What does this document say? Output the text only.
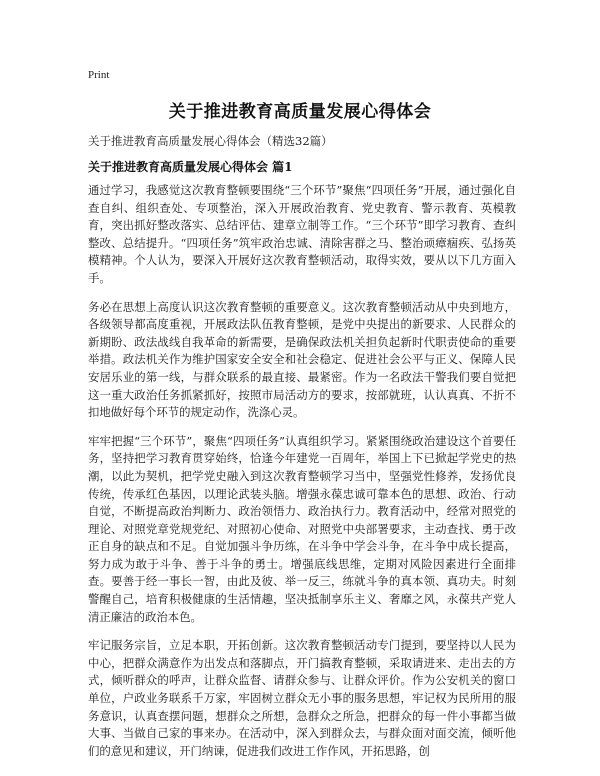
Print
关于推进教育高质量发展心得体会
关于推进教育高质量发展心得体会（精选32篇）
关于推进教育高质量发展心得体会 篇1

通过学习，我感觉这次教育整顿要围绕“三个环节”聚焦“四项任务”开展，通过强化自查自纠、组织查处、专项整治，深入开展政治教育、党史教育、警示教育、英模教育，突出抓好整改落实、总结评估、建章立制等工作。“三个环节”即学习教育、查纠整改、总结提升。“四项任务”筑牢政治忠诚、清除害群之马、整治顽瘴痼疾、弘扬英模精神。个人认为，要深入开展好这次教育整顿活动，取得实效，要从以下几方面入手。

务必在思想上高度认识这次教育整顿的重要意义。这次教育整顿活动从中央到地方，各级领导都高度重视，开展政法队伍教育整顿，是党中央提出的新要求、人民群众的新期盼、政法战线自我革命的新需要，是确保政法机关担负起新时代职责使命的重要举措。政法机关作为维护国家安全安全和社会稳定、促进社会公平与正义、保障人民安居乐业的第一线，与群众联系的最直接、最紧密。作为一名政法干警我们要自觉把这一重大政治任务抓紧抓好，按照市局活动方的要求，按部就班，认认真真、不折不扣地做好每个环节的规定动作，洗涤心灵。

牢牢把握“三个环节”，聚焦“四项任务”认真组织学习。紧紧围绕政治建设这个首要任务，坚持把学习教育贯穿始终，恰逢今年建党一百周年，举国上下已掀起学党史的热潮，以此为契机，把学党史融入到这次教育整顿学习当中，坚强党性修养，发扬优良传统，传承红色基因，以理论武装头脑。增强永葆忠诚可靠本色的思想、政治、行动自觉，不断提高政治判断力、政治领悟力、政治执行力。教育活动中，经常对照党的理论、对照党章党规党纪、对照初心使命、对照党中央部署要求，主动查找、勇于改正自身的缺点和不足。自觉加强斗争历练，在斗争中学会斗争，在斗争中成长提高，努力成为敢于斗争、善于斗争的勇士。增强底线思维，定期对风险因素进行全面排查。要善于经一事长一智，由此及彼、举一反三，练就斗争的真本领、真功夫。时刻警醒自己，培育积极健康的生活情趣，坚决抵制享乐主义、奢靡之风，永葆共产党人清正廉洁的政治本色。

牢记服务宗旨，立足本职，开拓创新。这次教育整顿活动专门提到，要坚持以人民为中心，把群众满意作为出发点和落脚点，开门搞教育整顿，采取请进来、走出去的方式，倾听群众的呼声，让群众监督、请群众参与、让群众评价。作为公安机关的窗口单位，户政业务联系千万家，牢固树立群众无小事的服务思想，牢记权为民所用的服务意识，认真查摆问题，想群众之所想，急群众之所急，把群众的每一件小事都当做大事、当做自己家的事来办。在活动中，深入到群众去，与群众面对面交流，倾听他们的意见和建议，开门纳谏，促进我们改进工作作风，开拓思路，创
